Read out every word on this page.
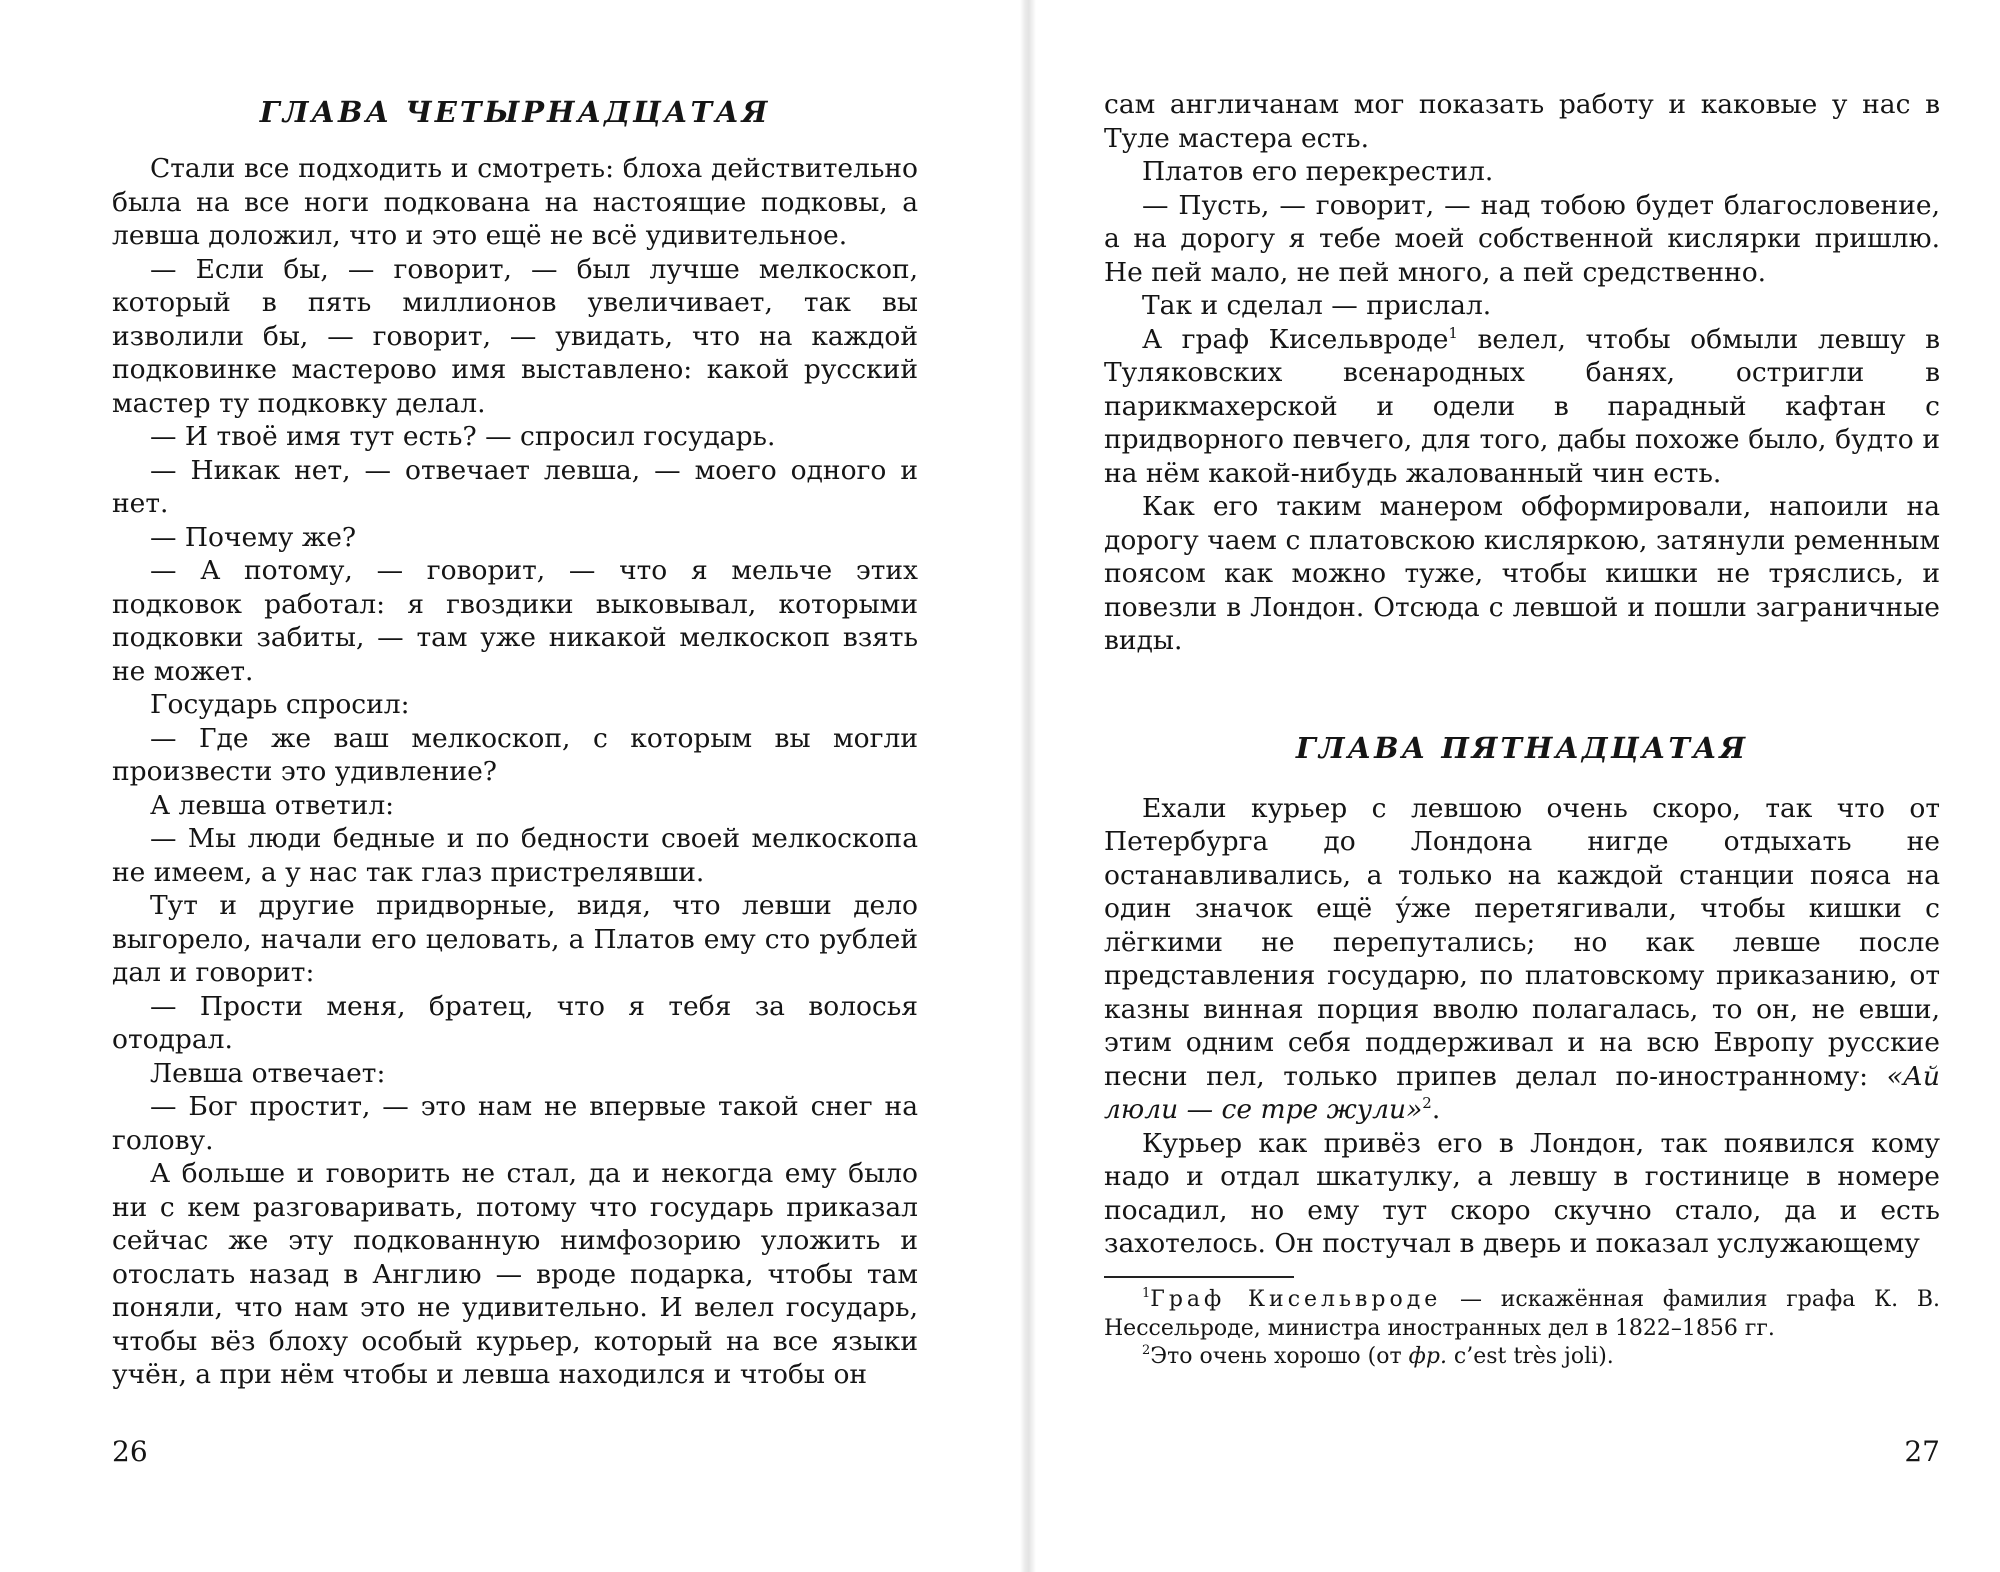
ГЛАВА ЧЕТЫРНАДЦАТАЯ

Стали все подходить и смотреть: блоха действительно была на все ноги подкована на настоящие подковы, а левша доложил, что и это ещё не всё удивительное.

— Если бы, — говорит, — был лучше мелкоскоп, который в пять миллионов увеличивает, так вы изволили бы, — говорит, — увидать, что на каждой подковинке мастерово имя выставлено: какой русский мастер ту подковку делал.

— И твоё имя тут есть? — спросил государь.

— Никак нет, — отвечает левша, — моего одного и нет.

— Почему же?

— А потому, — говорит, — что я мельче этих подковок работал: я гвоздики выковывал, которыми подковки забиты, — там уже никакой мелкоскоп взять не может.

Государь спросил:

— Где же ваш мелкоскоп, с которым вы могли произвести это удивление?

А левша ответил:

— Мы люди бедные и по бедности своей мелкоскопа не имеем, а у нас так глаз пристрелявши.

Тут и другие придворные, видя, что левши дело выгорело, начали его целовать, а Платов ему сто рублей дал и говорит:

— Прости меня, братец, что я тебя за волосья отодрал.

Левша отвечает:

— Бог простит, — это нам не впервые такой снег на голову.

А больше и говорить не стал, да и некогда ему было ни с кем разговаривать, потому что государь приказал сейчас же эту подкованную нимфозорию уложить и отослать назад в Англию — вроде подарка, чтобы там поняли, что нам это не удивительно. И велел государь, чтобы вёз блоху особый курьер, который на все языки учён, а при нём чтобы и левша находился и чтобы он

26

сам англичанам мог показать работу и каковые у нас в Туле мастера есть.

Платов его перекрестил.

— Пусть, — говорит, — над тобою будет благословение, а на дорогу я тебе моей собственной кислярки пришлю. Не пей мало, не пей много, а пей средственно.

Так и сделал — прислал.

А граф Кисельвроде$^1$ велел, чтобы обмыли левшу в Туляковских всенародных банях, остригли в парикмахерской и одели в парадный кафтан с придворного певчего, для того, дабы похоже было, будто и на нём какой-нибудь жалованный чин есть.

Как его таким манером обформировали, напоили на дорогу чаем с платовскою кисляркою, затянули ременным поясом как можно туже, чтобы кишки не тряслись, и повезли в Лондон. Отсюда с левшой и пошли заграничные виды.

ГЛАВА ПЯТНАДЦАТАЯ

Ехали курьер с левшою очень скоро, так что от Петербурга до Лондона нигде отдыхать не останавливались, а только на каждой станции пояса на один значок ещё у́же перетягивали, чтобы кишки с лёгкими не перепутались; но как левше после представления государю, по платовскому приказанию, от казны винная порция вволю полагалась, то он, не евши, этим одним себя поддерживал и на всю Европу русские песни пел, только припев делал по-иностранному: «Ай люли — се тре жули»$^2$.

Курьер как привёз его в Лондон, так появился кому надо и отдал шкатулку, а левшу в гостинице в номере посадил, но ему тут скоро скучно стало, да и есть захотелось. Он постучал в дверь и показал услужающему

$^1$Граф Кисельвроде — искажённая фамилия графа К. В. Нессельроде, министра иностранных дел в 1822–1856 гг.

$^2$Это очень хорошо (от фр. c’est très joli).

27
